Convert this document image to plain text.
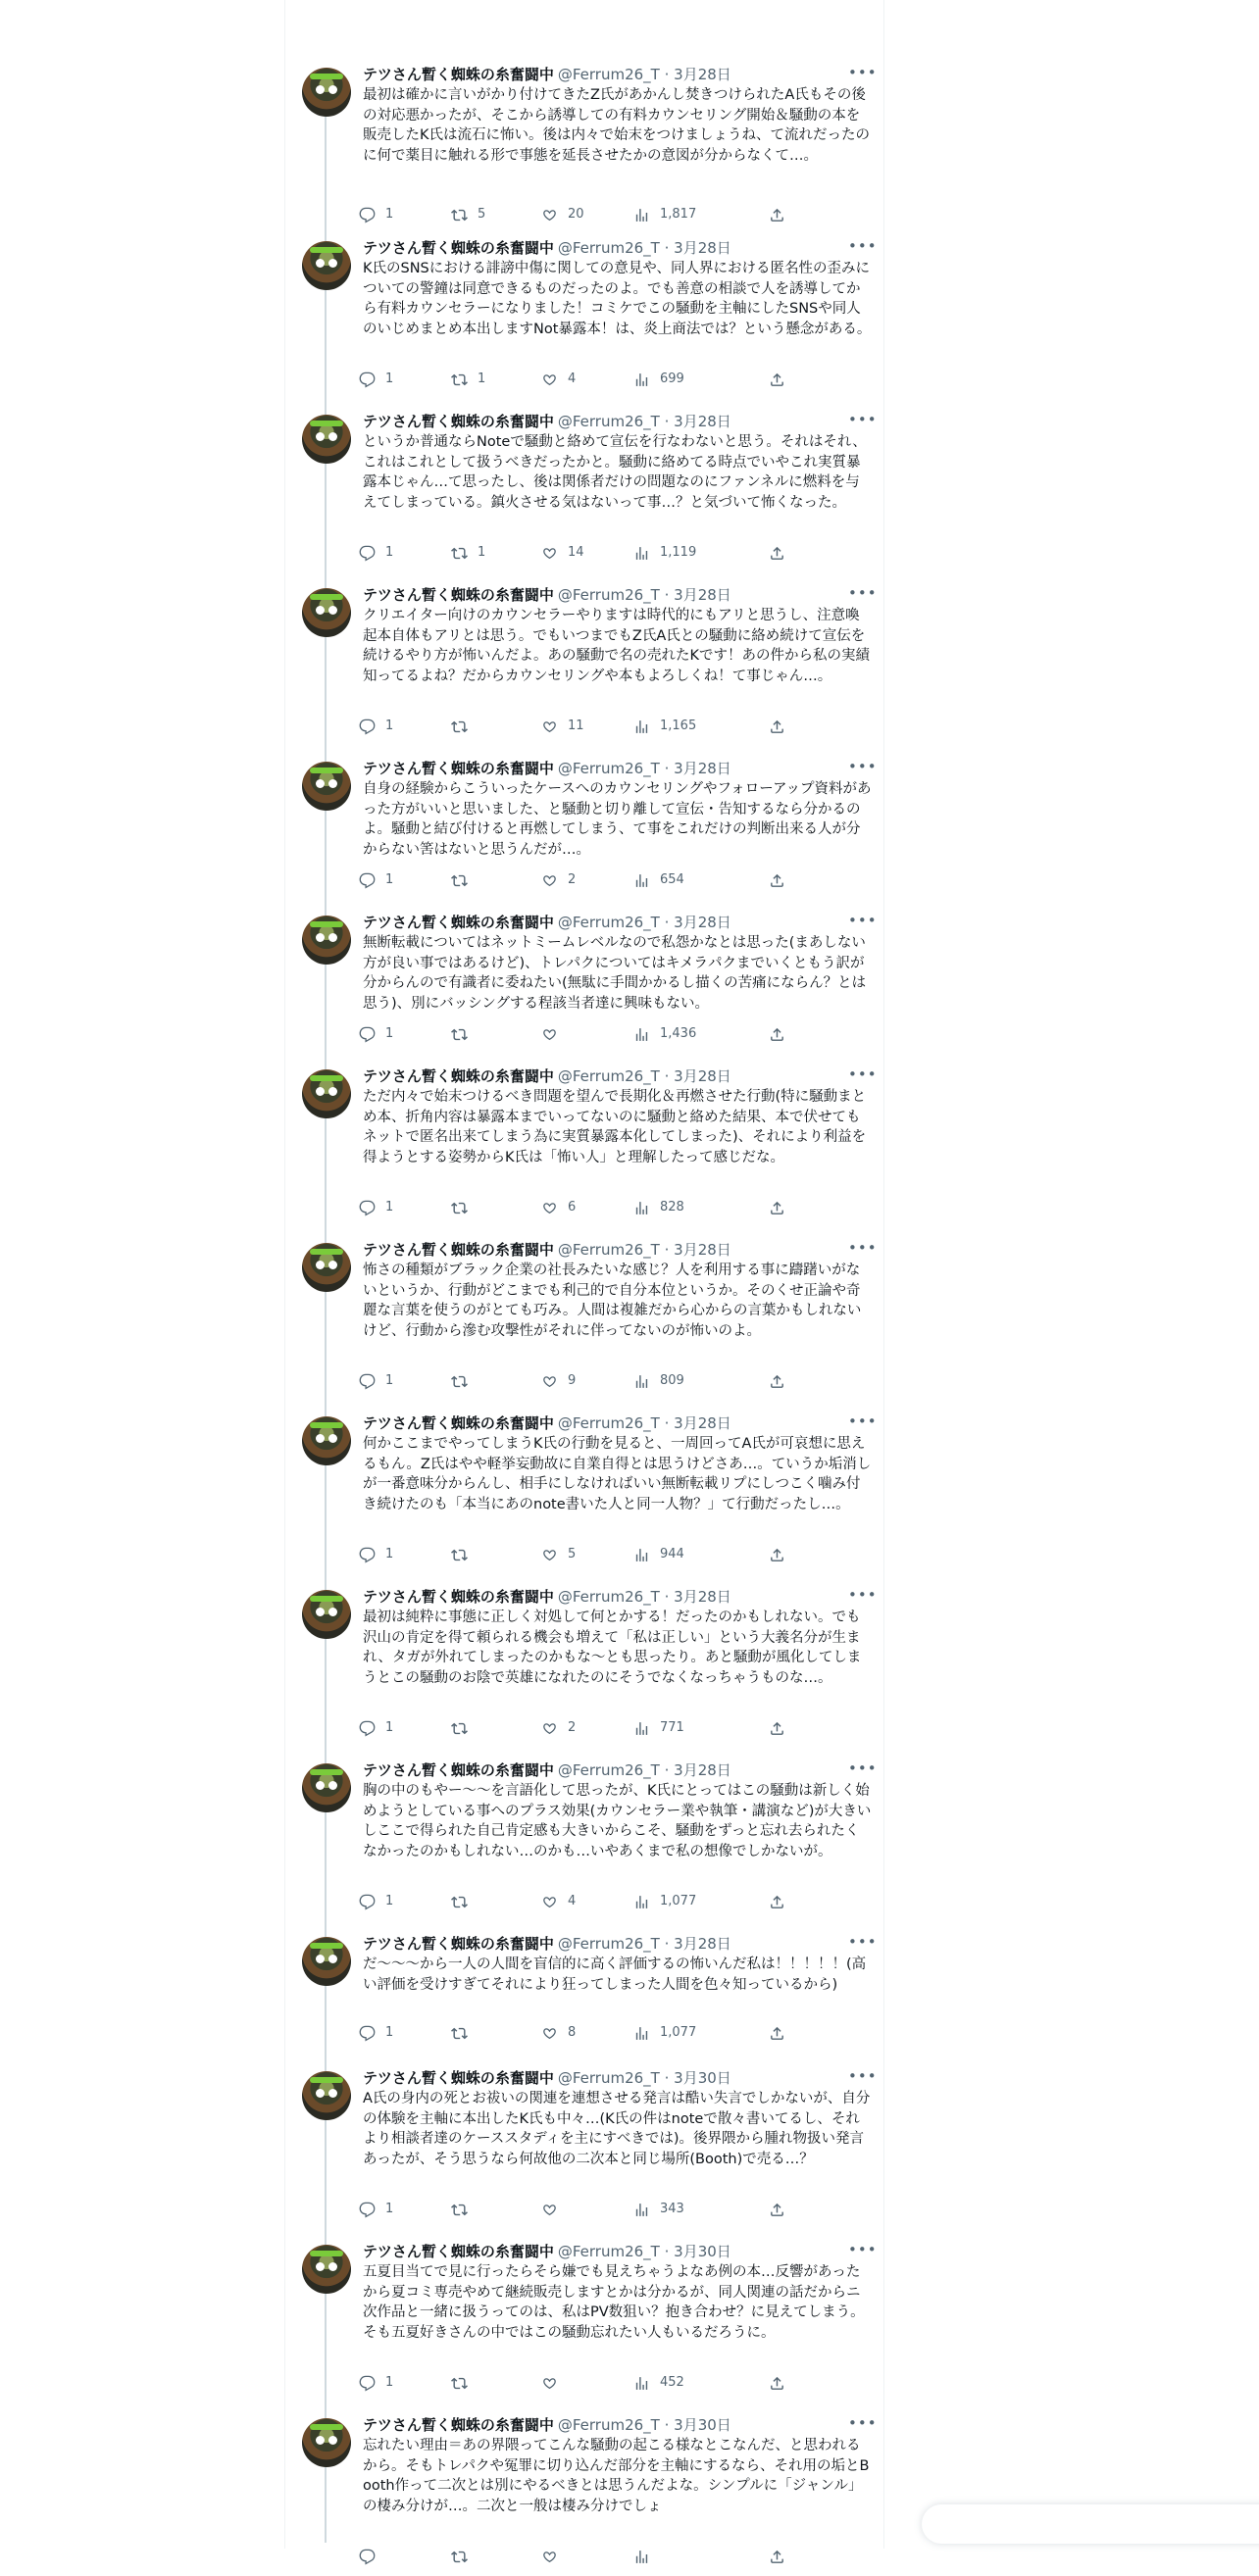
テツさん暫く蜘蛛の糸奮闘中 @Ferrum26_T · 3月28日	•••
最初は確かに言いがかり付けてきたZ氏があかんし焚きつけられたA氏もその後の対応悪かったが、そこから誘導しての有料カウンセリング開始＆騒動の本を販売したK氏は流石に怖い。後は内々で始末をつけましょうね、て流れだったのに何で薬目に触れる形で事態を延長させたかの意図が分からなくて…。
1	5	20	1,817
テツさん暫く蜘蛛の糸奮闘中 @Ferrum26_T · 3月28日	•••
K氏のSNSにおける誹謗中傷に関しての意見や、同人界における匿名性の歪みについての警鐘は同意できるものだったのよ。でも善意の相談で人を誘導してから有料カウンセラーになりました！コミケでこの騒動を主軸にしたSNSや同人のいじめまとめ本出しますNot暴露本！は、炎上商法では？という懸念がある。
1	1	4	699
テツさん暫く蜘蛛の糸奮闘中 @Ferrum26_T · 3月28日	•••
というか普通ならNoteで騒動と絡めて宣伝を行なわないと思う。それはそれ、これはこれとして扱うべきだったかと。騒動に絡めてる時点でいやこれ実質暴露本じゃん…て思ったし、後は関係者だけの問題なのにファンネルに燃料を与えてしまっている。鎮火させる気はないって事…？と気づいて怖くなった。
1	1	14	1,119
テツさん暫く蜘蛛の糸奮闘中 @Ferrum26_T · 3月28日	•••
クリエイター向けのカウンセラーやりますは時代的にもアリと思うし、注意喚起本自体もアリとは思う。でもいつまでもZ氏A氏との騒動に絡め続けて宣伝を続けるやり方が怖いんだよ。あの騒動で名の売れたKです！あの件から私の実績知ってるよね？だからカウンセリングや本もよろしくね！て事じゃん…。
1	11	1,165
テツさん暫く蜘蛛の糸奮闘中 @Ferrum26_T · 3月28日	•••
自身の経験からこういったケースへのカウンセリングやフォローアップ資料があった方がいいと思いました、と騒動と切り離して宣伝・告知するなら分かるのよ。騒動と結び付けると再燃してしまう、て事をこれだけの判断出来る人が分からない筈はないと思うんだが…。
1	2	654
テツさん暫く蜘蛛の糸奮闘中 @Ferrum26_T · 3月28日	•••
無断転載についてはネットミームレベルなので私怨かなとは思った(まあしない方が良い事ではあるけど)、トレパクについてはキメラパクまでいくともう訳が分からんので有識者に委ねたい(無駄に手間かかるし描くの苦痛にならん？とは思う)、別にバッシングする程該当者達に興味もない。
1	1,436
テツさん暫く蜘蛛の糸奮闘中 @Ferrum26_T · 3月28日	•••
ただ内々で始末つけるべき問題を望んで長期化＆再燃させた行動(特に騒動まとめ本、折角内容は暴露本までいってないのに騒動と絡めた結果、本で伏せてもネットで匿名出来てしまう為に実質暴露本化してしまった)、それにより利益を得ようとする姿勢からK氏は「怖い人」と理解したって感じだな。
1	6	828
テツさん暫く蜘蛛の糸奮闘中 @Ferrum26_T · 3月28日	•••
怖さの種類がブラック企業の社長みたいな感じ？人を利用する事に躊躇いがないというか、行動がどこまでも利己的で自分本位というか。そのくせ正論や奇麗な言葉を使うのがとても巧み。人間は複雑だから心からの言葉かもしれないけど、行動から滲む攻撃性がそれに伴ってないのが怖いのよ。
1	9	809
テツさん暫く蜘蛛の糸奮闘中 @Ferrum26_T · 3月28日	•••
何かここまでやってしまうK氏の行動を見ると、一周回ってA氏が可哀想に思えるもん。Z氏はやや軽挙妄動故に自業自得とは思うけどさあ…。ていうか垢消しが一番意味分からんし、相手にしなければいい無断転載リプにしつこく噛み付き続けたのも「本当にあのnote書いた人と同一人物？」て行動だったし…。
1	5	944
テツさん暫く蜘蛛の糸奮闘中 @Ferrum26_T · 3月28日	•••
最初は純粋に事態に正しく対処して何とかする！だったのかもしれない。でも沢山の肯定を得て頼られる機会も増えて「私は正しい」という大義名分が生まれ、タガが外れてしまったのかもな～とも思ったり。あと騒動が風化してしまうとこの騒動のお陰で英雄になれたのにそうでなくなっちゃうものな…。
1	2	771
テツさん暫く蜘蛛の糸奮闘中 @Ferrum26_T · 3月28日	•••
胸の中のもやー～～を言語化して思ったが、K氏にとってはこの騒動は新しく始めようとしている事へのプラス効果(カウンセラー業や執筆・講演など)が大きいしここで得られた自己肯定感も大きいからこそ、騒動をずっと忘れ去られたくなかったのかもしれない…のかも…いやあくまで私の想像でしかないが。
1	4	1,077
テツさん暫く蜘蛛の糸奮闘中 @Ferrum26_T · 3月28日	•••
だ～～～から一人の人間を盲信的に高く評価するの怖いんだ私は！！！！！(高い評価を受けすぎてそれにより狂ってしまった人間を色々知っているから)
1	8	1,077
テツさん暫く蜘蛛の糸奮闘中 @Ferrum26_T · 3月30日	•••
A氏の身内の死とお祓いの関連を連想させる発言は酷い失言でしかないが、自分の体験を主軸に本出したK氏も中々…(K氏の件はnoteで散々書いてるし、それより相談者達のケーススタディを主にすべきでは)。後界隈から腫れ物扱い発言あったが、そう思うなら何故他の二次本と同じ場所(Booth)で売る…？
1	343
テツさん暫く蜘蛛の糸奮闘中 @Ferrum26_T · 3月30日	•••
五夏目当てで見に行ったらそら嫌でも見えちゃうよなあ例の本…反響があったから夏コミ専売やめて継続販売しますとかは分かるが、同人関連の話だからニ次作品と一緒に扱うってのは、私はPV数狙い？抱き合わせ？に見えてしまう。そも五夏好きさんの中ではこの騒動忘れたい人もいるだろうに。
1	452
テツさん暫く蜘蛛の糸奮闘中 @Ferrum26_T · 3月30日	•••
忘れたい理由＝あの界隈ってこんな騒動の起こる様なとこなんだ、と思われるから。そもトレパクや冤罪に切り込んだ部分を主軸にするなら、それ用の垢とBooth作って二次とは別にやるべきとは思うんだよな。シンプルに「ジャンル」の棲み分けが…。二次と一般は棲み分けでしょ
